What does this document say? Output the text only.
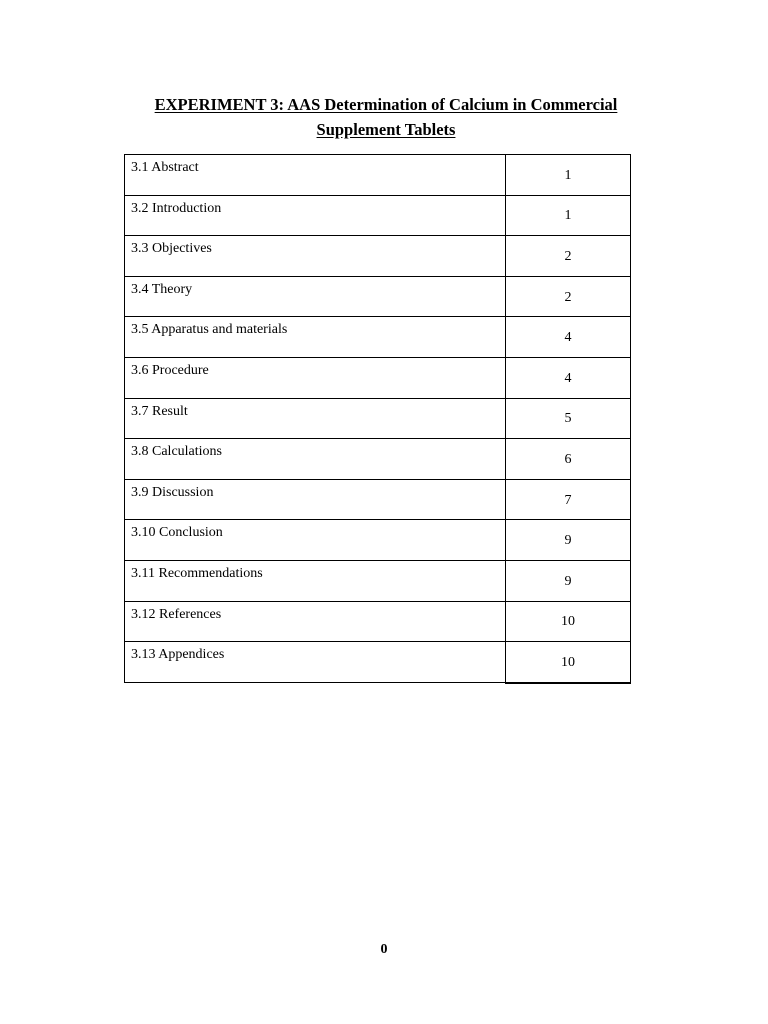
EXPERIMENT 3: AAS Determination of Calcium in Commercial
Supplement Tablets
3.1 Abstract	1
3.2 Introduction	1
3.3 Objectives	2
3.4 Theory	2
3.5 Apparatus and materials	4
3.6 Procedure	4
3.7 Result	5
3.8 Calculations	6
3.9 Discussion	7
3.10 Conclusion	9
3.11 Recommendations	9
3.12 References	10
3.13 Appendices	10
0
